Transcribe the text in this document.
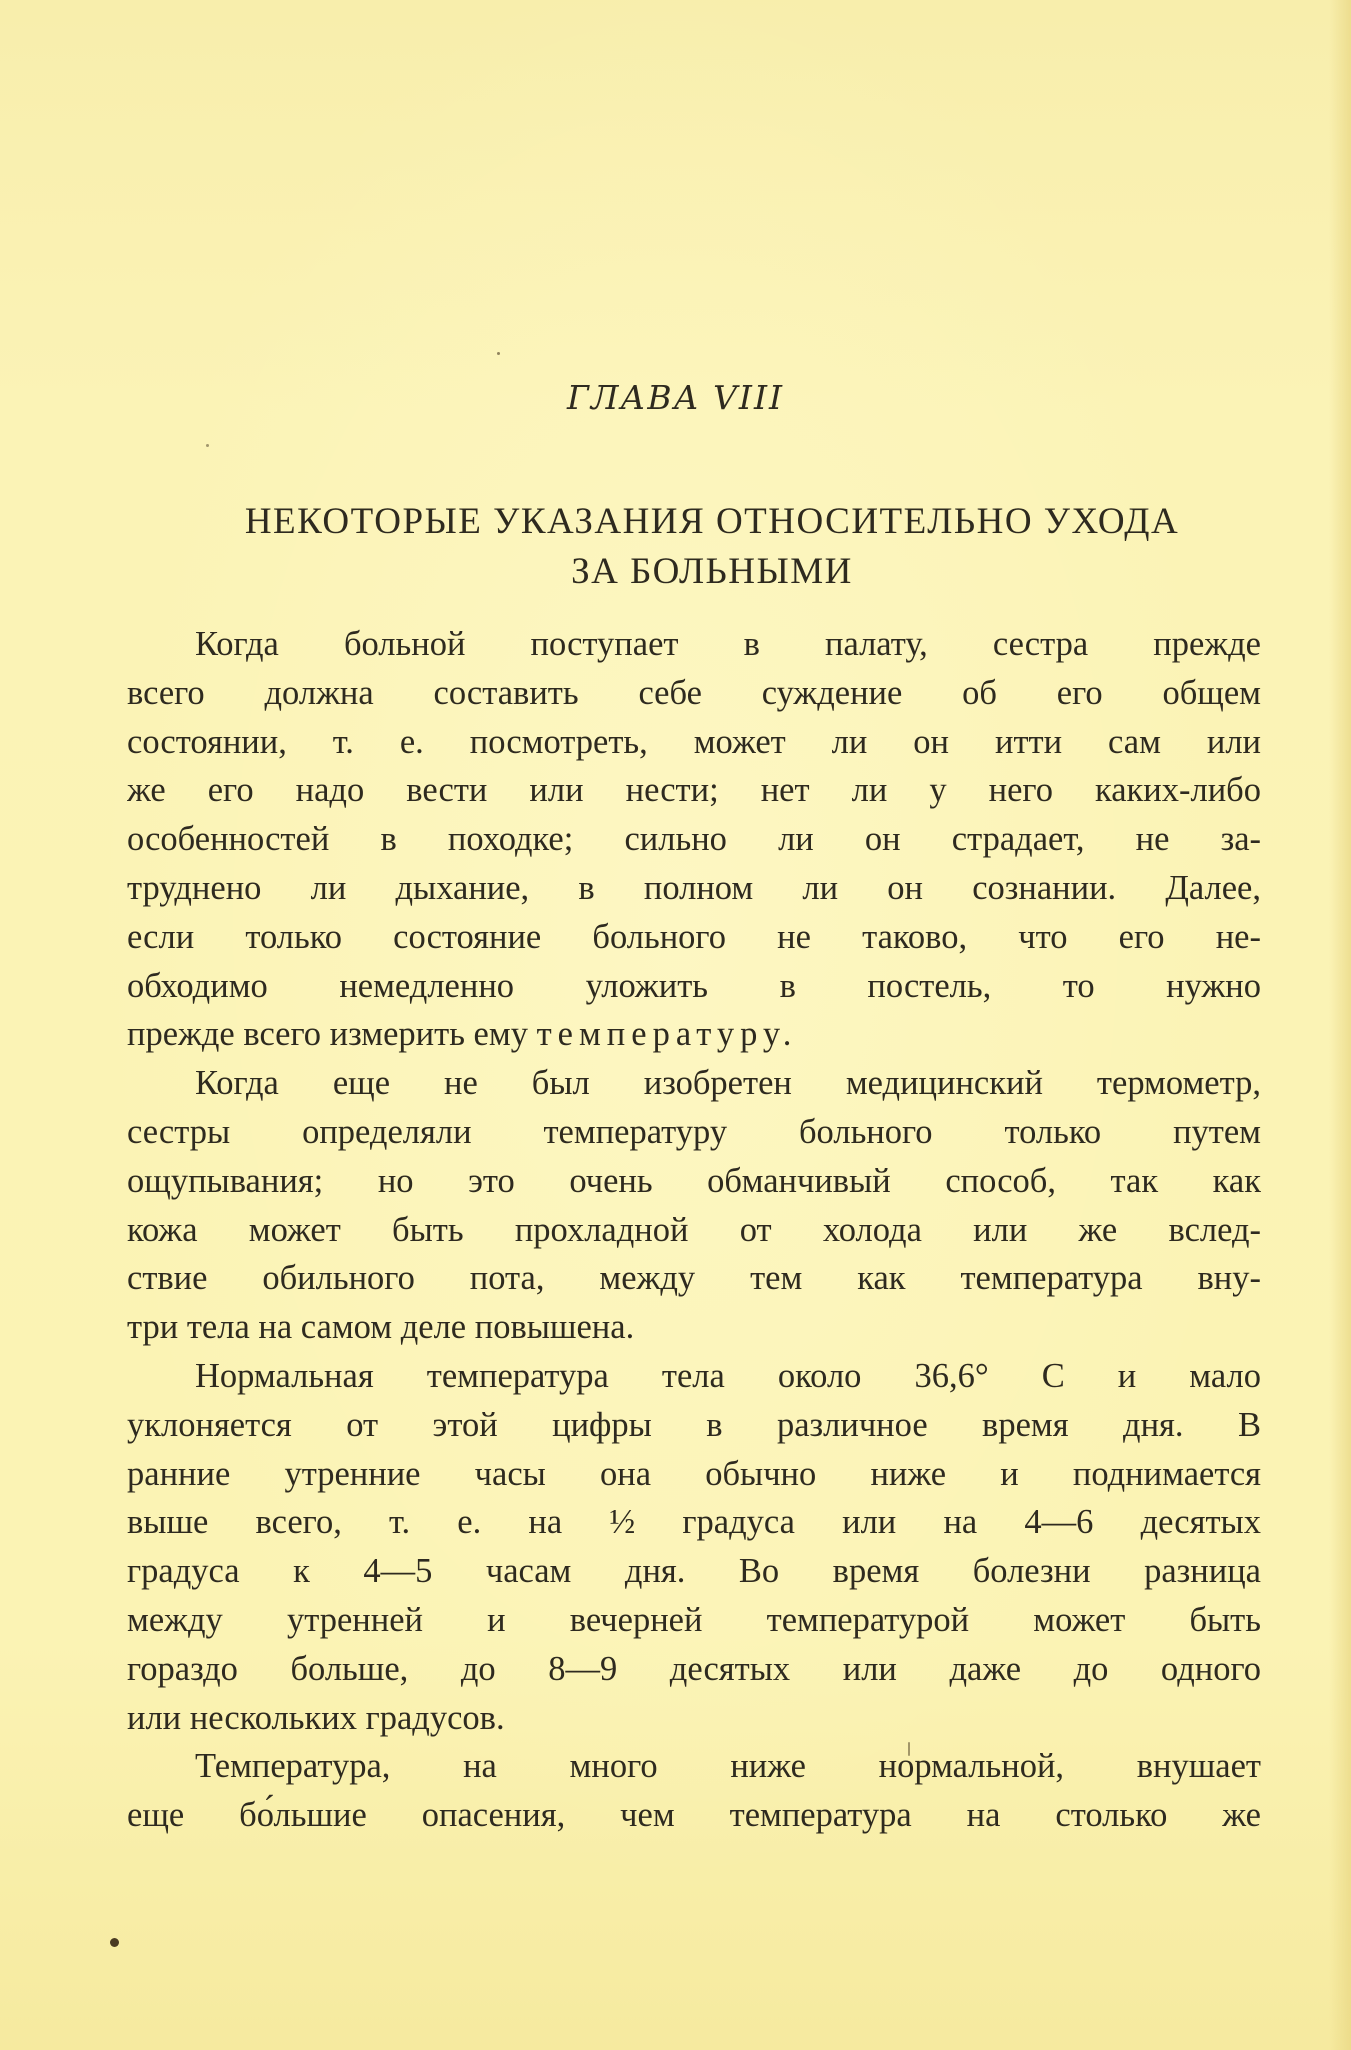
ГЛАВА VIII
НЕКОТОРЫЕ УКАЗАНИЯ ОТНОСИТЕЛЬНО УХОДА
ЗА БОЛЬНЫМИ
Когда больной поступает в палату, сестра прежде
всего должна составить себе суждение об его общем
состоянии, т. е. посмотреть, может ли он итти сам или
же его надо вести или нести; нет ли у него каких-либо
особенностей в походке; сильно ли он страдает, не за-
труднено ли дыхание, в полном ли он сознании. Далее,
если только состояние больного не таково, что его не-
обходимо немедленно уложить в постель, то нужно
прежде всего измерить ему температуру.
Когда еще не был изобретен медицинский термометр,
сестры определяли температуру больного только путем
ощупывания; но это очень обманчивый способ, так как
кожа может быть прохладной от холода или же вслед-
ствие обильного пота, между тем как температура вну-
три тела на самом деле повышена.
Нормальная температура тела около 36,6° С и мало
уклоняется от этой цифры в различное время дня. В
ранние утренние часы она обычно ниже и поднимается
выше всего, т. е. на ½ градуса или на 4—6 десятых
градуса к 4—5 часам дня. Во время болезни разница
между утренней и вечерней температурой может быть
гораздо больше, до 8—9 десятых или даже до одного
или нескольких градусов.
Температура, на много ниже нормальной, внушает
еще бо́льшие опасения, чем температура на столько же
